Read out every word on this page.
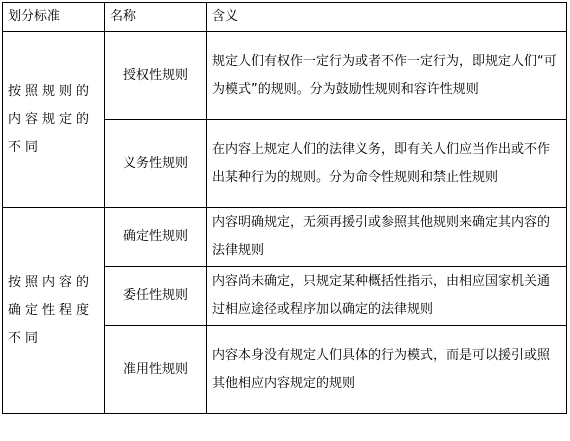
划分标准	名称	含义
按照规则的内容规定的不同	授权性规则	规定人们有权作一定行为或者不作一定行为，即规定人们“可为模式”的规则。分为鼓励性规则和容许性规则
	义务性规则	在内容上规定人们的法律义务，即有关人们应当作出或不作出某种行为的规则。分为命令性规则和禁止性规则
按照内容的确定性程度不同	确定性规则	内容明确规定，无须再援引或参照其他规则来确定其内容的法律规则
	委任性规则	内容尚未确定，只规定某种概括性指示，由相应国家机关通过相应途径或程序加以确定的法律规则
	准用性规则	内容本身没有规定人们具体的行为模式，而是可以援引或照其他相应内容规定的规则
